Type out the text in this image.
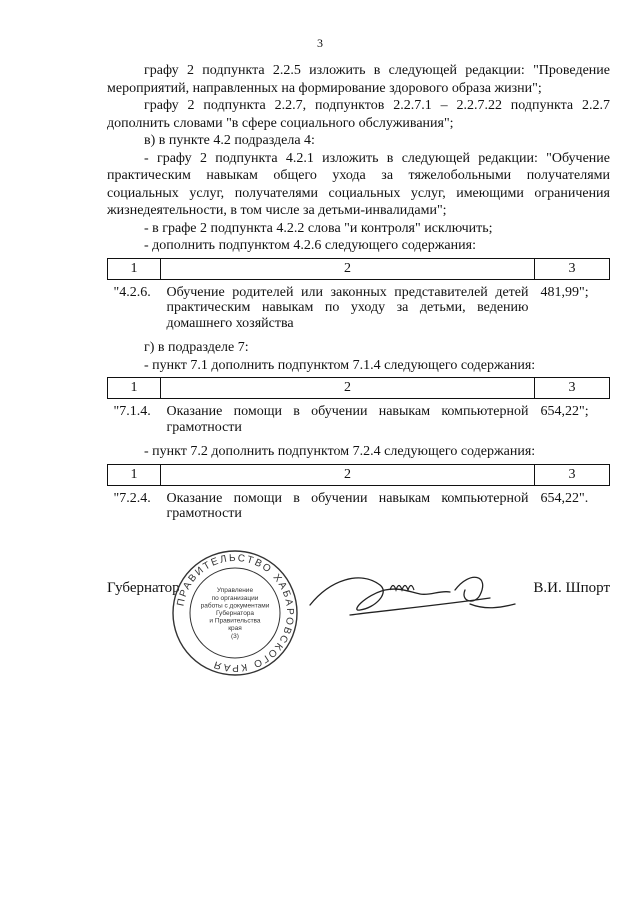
3

графу 2 подпункта 2.2.5 изложить в следующей редакции: "Проведение мероприятий, направленных на формирование здорового образа жизни";

графу 2 подпункта 2.2.7, подпунктов 2.2.7.1 – 2.2.7.22 подпункта 2.2.7 дополнить словами "в сфере социального обслуживания";

в) в пункте 4.2 подраздела 4:

- графу 2 подпункта 4.2.1 изложить в следующей редакции: "Обучение практическим навыкам общего ухода за тяжелобольными получателями социальных услуг, получателями социальных услуг, имеющими ограничения жизнедеятельности, в том числе за детьми-инвалидами";

- в графе 2 подпункта 4.2.2 слова "и контроля" исключить;

- дополнить подпунктом 4.2.6 следующего содержания:

1	2	3
"4.2.6.	Обучение родителей или законных представителей детей практическим навыкам по уходу за детьми, ведению домашнего хозяйства	481,99";

г) в подразделе 7:

- пункт 7.1 дополнить подпунктом 7.1.4 следующего содержания:

1	2	3
"7.1.4.	Оказание помощи в обучении навыкам компьютерной грамотности	654,22";

- пункт 7.2 дополнить подпунктом 7.2.4 следующего содержания:

1	2	3
"7.2.4.	Оказание помощи в обучении навыкам компьютерной грамотности	654,22".
Губернатор	В.И. Шпорт
ПРАВИТЕЛЬСТВО ХАБАРОВСКОГО КРАЯ
Управление
по организации
работы с документами
Губернатора
и Правительства
края
(3)
